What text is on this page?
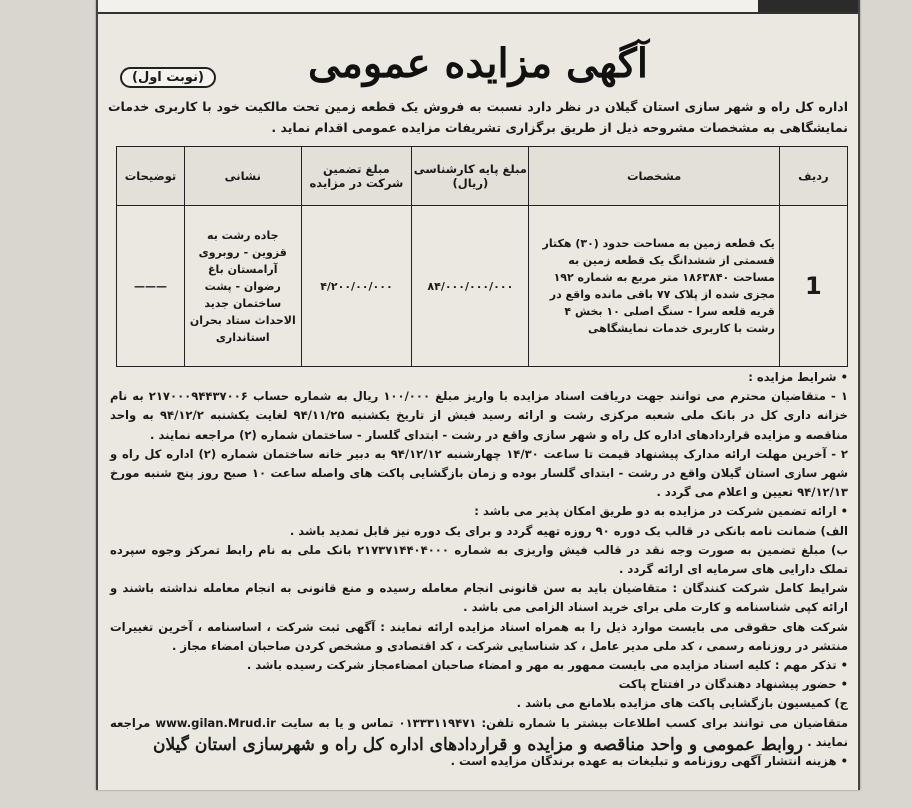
آگهی مزایده عمومی
(نوبت اول)
اداره کل راه و شهر سازی استان گیلان در نظر دارد نسبت به فروش یک قطعه زمین تحت مالکیت خود با کاربری خدمات نمایشگاهی به مشخصات مشروحه ذیل از طریق برگزاری تشریفات مزایده عمومی اقدام نماید .
ردیف	مشخصات	مبلغ پایه کارشناسی (ریال)	مبلغ تضمین شرکت در مزایده	نشانی	توضیحات
1	یک قطعه زمین به مساحت حدود (۳۰) هکتار قسمتی از ششدانگ یک قطعه زمین به مساحت ۱۸۶۳۸۴۰ متر مربع به شماره ۱۹۲ مجزی شده از پلاک ۷۷ باقی مانده واقع در قریه قلعه سرا - سنگ اصلی ۱۰ بخش ۴ رشت با کاربری خدمات نمایشگاهی	۸۴/۰۰۰/۰۰۰/۰۰۰	۴/۲۰۰/۰۰/۰۰۰	جاده رشت به قزوین - روبروی آرامستان باغ رضوان - پشت ساختمان جدید الاحداث ستاد بحران استانداری	———

• شرایط مزایده :

۱ - متقاضیان محترم می توانند جهت دریافت اسناد مزایده با واریز مبلغ ۱۰۰/۰۰۰ ریال به شماره حساب ۲۱۷۰۰۰۹۴۴۳۷۰۰۶ به نام خزانه داری کل در بانک ملی شعبه مرکزی رشت و ارائه رسید فیش از تاریخ یکشنبه ۹۴/۱۱/۲۵ لغایت یکشنبه ۹۴/۱۲/۲ به واحد مناقصه و مزایده قراردادهای اداره کل راه و شهر سازی واقع در رشت - ابتدای گلسار - ساختمان شماره (۲) مراجعه نمایند .

۲ - آخرین مهلت ارائه مدارک پیشنهاد قیمت تا ساعت ۱۴/۳۰ چهارشنبه ۹۴/۱۲/۱۲ به دبیر خانه ساختمان شماره (۲) اداره کل راه و شهر سازی استان گیلان واقع در رشت - ابتدای گلسار بوده و زمان بازگشایی پاکت های واصله ساعت ۱۰ صبح روز پنج شنبه مورخ ۹۴/۱۲/۱۳ تعیین و اعلام می گردد .

• ارائه تضمین شرکت در مزایده به دو طریق امکان پذیر می باشد :

الف) ضمانت نامه بانکی در قالب یک دوره ۹۰ روزه تهیه گردد و برای یک دوره نیز قابل تمدید باشد .

ب) مبلغ تضمین به صورت وجه نقد در قالب فیش واریزی به شماره ۲۱۷۳۷۱۴۴۰۴۰۰۰ بانک ملی به نام رابط تمرکز وجوه سپرده تملک دارایی های سرمایه ای ارائه گردد .

شرایط کامل شرکت کنندگان : متقاضیان باید به سن قانونی انجام معامله رسیده و منع قانونی به انجام معامله نداشته باشند و ارائه کپی شناسنامه و کارت ملی برای خرید اسناد الزامی می باشد .

شرکت های حقوقی می بایست موارد ذیل را به همراه اسناد مزایده ارائه نمایند : آگهی ثبت شرکت ، اساسنامه ، آخرین تغییرات منتشر در روزنامه رسمی ، کد ملی مدیر عامل ، کد شناسایی شرکت ، کد اقتصادی و مشخص کردن صاحبان امضاء مجاز .

• تذکر مهم : کلیه اسناد مزایده می بایست ممهور به مهر و امضاء صاحبان امضاءمجاز شرکت رسیده باشد .

• حضور پیشنهاد دهندگان در افتتاح پاکت

ج) کمیسیون بازگشایی پاکت های مزایده بلامانع می باشد .

متقاضیان می توانند برای کسب اطلاعات بیشتر با شماره تلفن: ۰۱۳۳۳۱۱۹۴۷۱ تماس و یا به سایت www.gilan.Mrud.ir مراجعه نمایند .

• هزینه انتشار آگهی روزنامه و تبلیغات به عهده برندگان مزایده است .

روابط عمومی و واحد مناقصه و مزایده و قراردادهای اداره کل راه و شهرسازی استان گیلان
